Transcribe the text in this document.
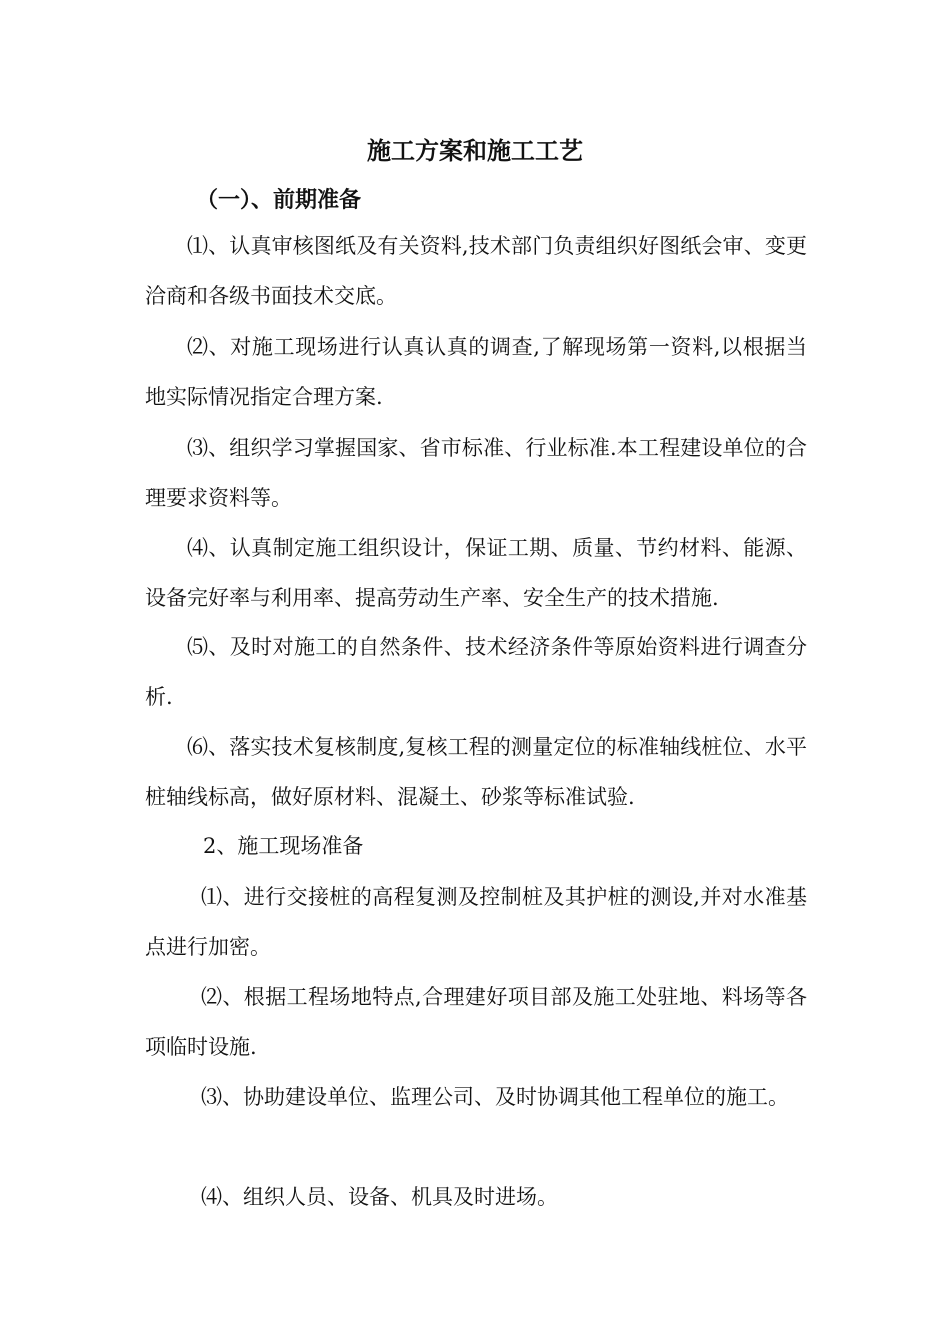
施工方案和施工工艺
（一）、前期准备

⑴、认真审核图纸及有关资料,技术部门负责组织好图纸会审、变更洽商和各级书面技术交底。

⑵、对施工现场进行认真认真的调查,了解现场第一资料,以根据当地实际情况指定合理方案.

⑶、组织学习掌握国家、省市标准、行业标准.本工程建设单位的合理要求资料等。

⑷、认真制定施工组织设计，保证工期、质量、节约材料、能源、设备完好率与利用率、提高劳动生产率、安全生产的技术措施.

⑸、及时对施工的自然条件、技术经济条件等原始资料进行调查分析.

⑹、落实技术复核制度,复核工程的测量定位的标准轴线桩位、水平桩轴线标高，做好原材料、混凝土、砂浆等标准试验.

2、施工现场准备

⑴、进行交接桩的高程复测及控制桩及其护桩的测设,并对水准基点进行加密。

⑵、根据工程场地特点,合理建好项目部及施工处驻地、料场等各项临时设施.

⑶、协助建设单位、监理公司、及时协调其他工程单位的施工。

⑷、组织人员、设备、机具及时进场。
